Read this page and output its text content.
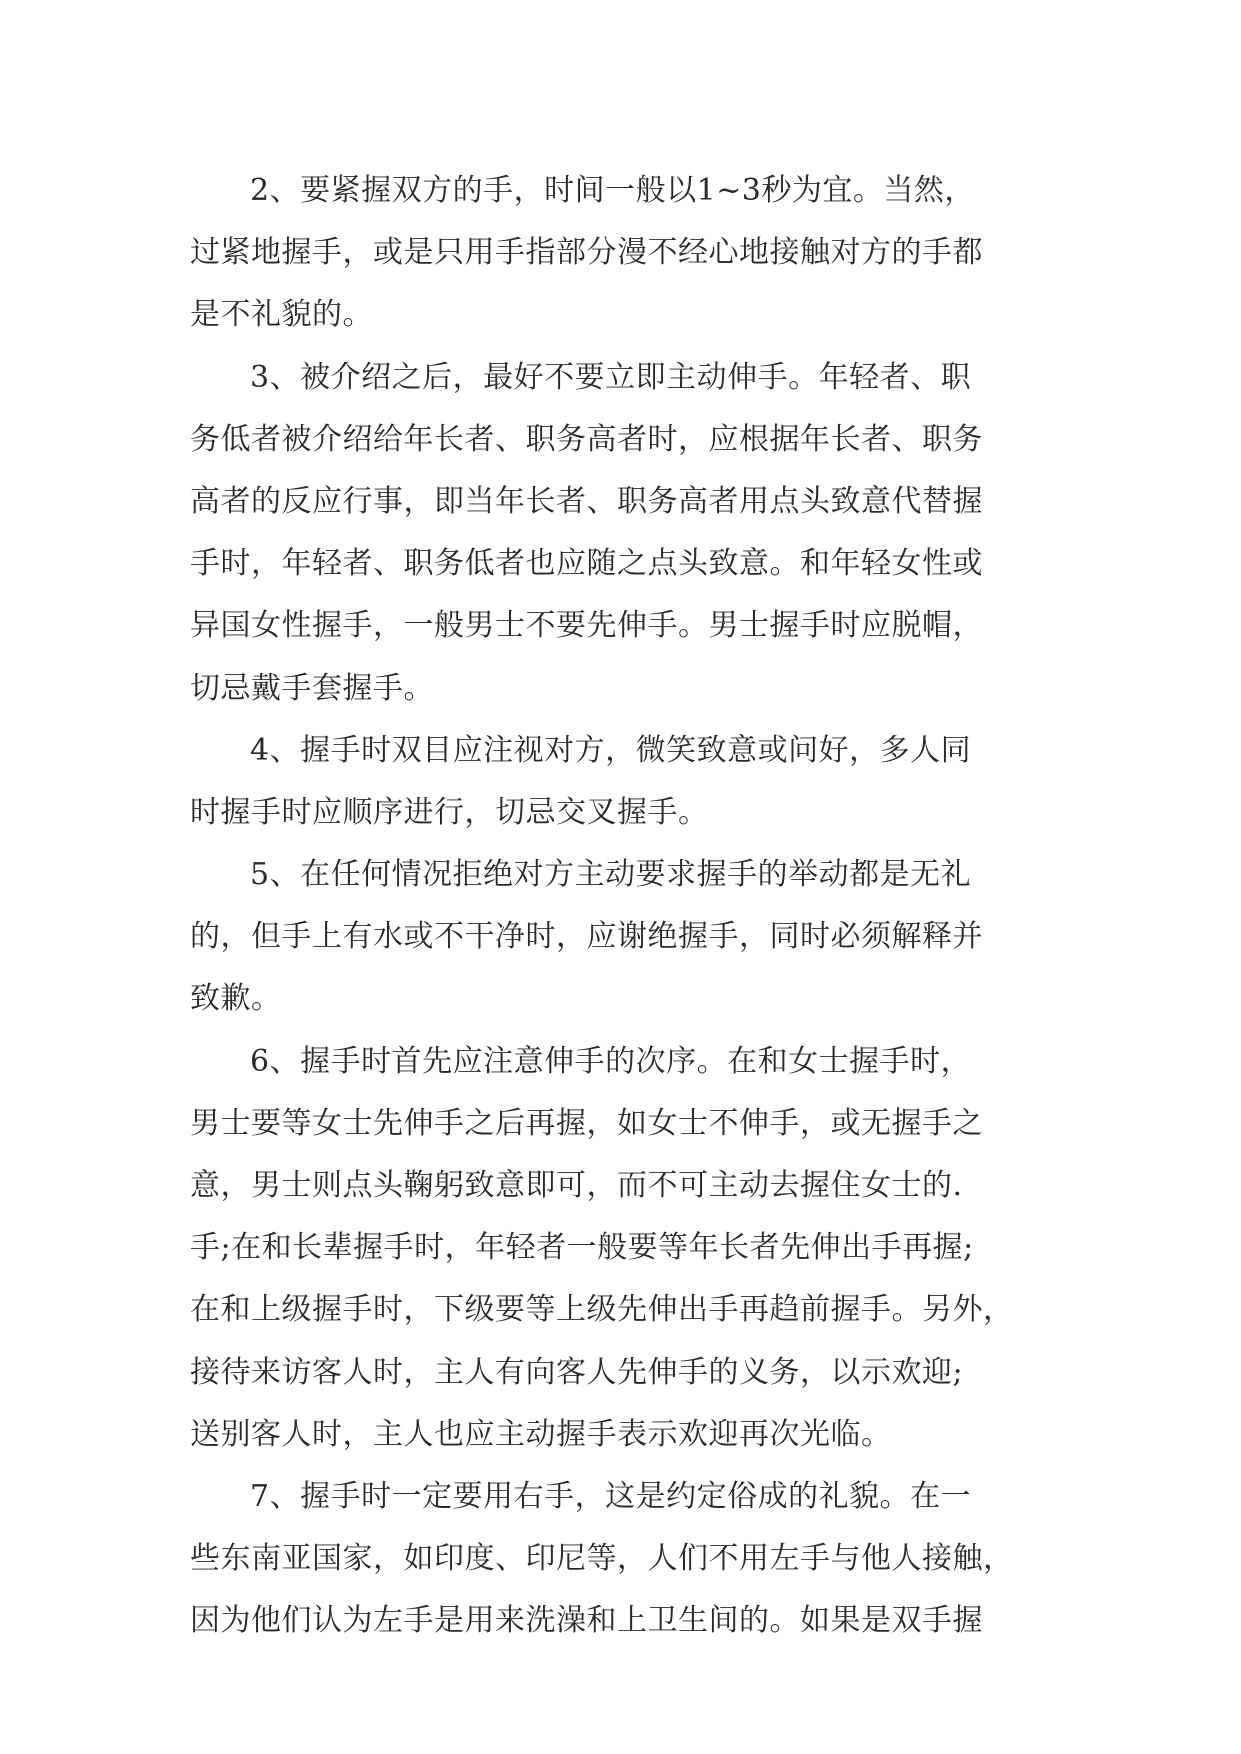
2、要紧握双方的手，时间一般以1~3秒为宜。当然，
过紧地握手，或是只用手指部分漫不经心地接触对方的手都
是不礼貌的。
3、被介绍之后，最好不要立即主动伸手。年轻者、职
务低者被介绍给年长者、职务高者时，应根据年长者、职务
高者的反应行事，即当年长者、职务高者用点头致意代替握
手时，年轻者、职务低者也应随之点头致意。和年轻女性或
异国女性握手，一般男士不要先伸手。男士握手时应脱帽，
切忌戴手套握手。
4、握手时双目应注视对方，微笑致意或问好，多人同
时握手时应顺序进行，切忌交叉握手。
5、在任何情况拒绝对方主动要求握手的举动都是无礼
的，但手上有水或不干净时，应谢绝握手，同时必须解释并
致歉。
6、握手时首先应注意伸手的次序。在和女士握手时，
男士要等女士先伸手之后再握，如女士不伸手，或无握手之
意，男士则点头鞠躬致意即可，而不可主动去握住女士的.
手;在和长辈握手时，年轻者一般要等年长者先伸出手再握;
在和上级握手时，下级要等上级先伸出手再趋前握手。另外，
接待来访客人时，主人有向客人先伸手的义务，以示欢迎;
送别客人时，主人也应主动握手表示欢迎再次光临。
7、握手时一定要用右手，这是约定俗成的礼貌。在一
些东南亚国家，如印度、印尼等，人们不用左手与他人接触，
因为他们认为左手是用来洗澡和上卫生间的。如果是双手握
